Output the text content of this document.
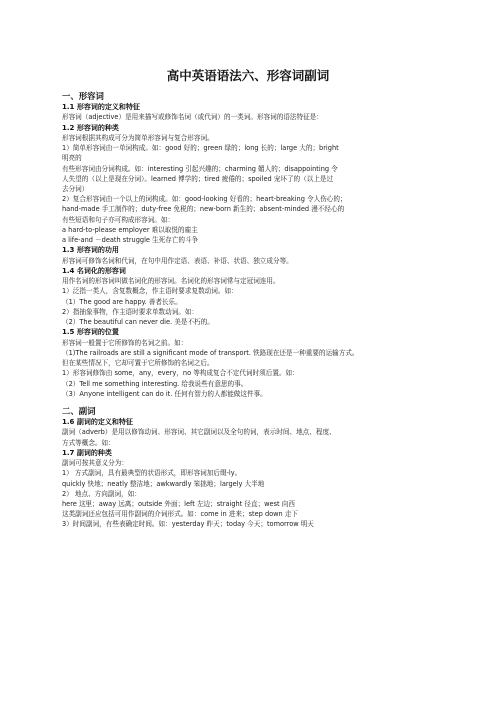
高中英语语法六、形容词副词
一、形容词
1.1 形容词的定义和特征
形容词（adjective）是用来描写或修饰名词（或代词）的一类词。形容词的语法特征是：
1.2 形容词的种类
形容词根据其构成可分为简单形容词与复合形容词。
1）简单形容词由一单词构成。如：good 好的；green 绿的；long 长的；large 大的；bright
明亮的
有些形容词由分词构成。如：interesting 引起兴趣的；charming 媚人的；disappointing 令
人失望的（以上是现在分词）。learned 博学的；tired 疲倦的；spoiled 宠坏了的（以上是过
去分词）
2）复合形容词由一个以上的词构成。如：good-looking 好看的；heart-breaking 令人伤心的；
hand-made 手工制作的；duty-free 免税的；new-born 新生的；absent-minded 漫不经心的
有些短语和句子亦可构成形容词。如：
a hard-to-please employer 难以取悦的雇主
a life-and －death struggle 生死存亡的斗争
1.3 形容词的功用
形容词可修饰名词和代词，在句中用作定语、表语、补语、状语、独立成分等。
1.4 名词化的形容词
用作名词的形容词叫做名词化的形容词。名词化的形容词常与定冠词连用。
1）泛指一类人，含复数概念，作主语时要求复数动词。如：
（1）The good are happy. 善者长乐。
2）指抽象事物，作主语时要求单数动词。如：
（2）The beautiful can never die. 美是不朽的。
1.5 形容词的位置
形容词一般置于它所修饰的名词之前。如：
（1)The railroads are still a significant mode of transport. 铁路现在还是一种重要的运输方式。
但在某些情况下，它却可置于它所修饰的名词之后。
1）形容词修饰由 some，any，every，no 等构成复合不定代词时须后置。如：
（2）Tell me something interesting. 给我说些有意思的事。
（3）Anyone intelligent can do it. 任何有智力的人都能做这件事。
二、副词
1.6 副词的定义和特征
副词（adverb）是用以修饰动词、形容词、其它副词以及全句的词，表示时间、地点、程度、
方式等概念。如：
1.7 副词的种类
副词可按其意义分为：
1） 方式副词，具有最典型的状语形式，即形容词加后缀-ly。
quickly 快地；neatly 整洁地；awkwardly 笨拙地；largely 大半地
2） 地点、方向副词，如：
here 这里；away 远离；outside 外面；left 左边；straight 径直；west 向西
这类副词还应包括可用作副词的介词形式。如：come in 进来；step down 走下
3）时间副词，有些表确定时间。如：yesterday 昨天；today 今天；tomorrow 明天
